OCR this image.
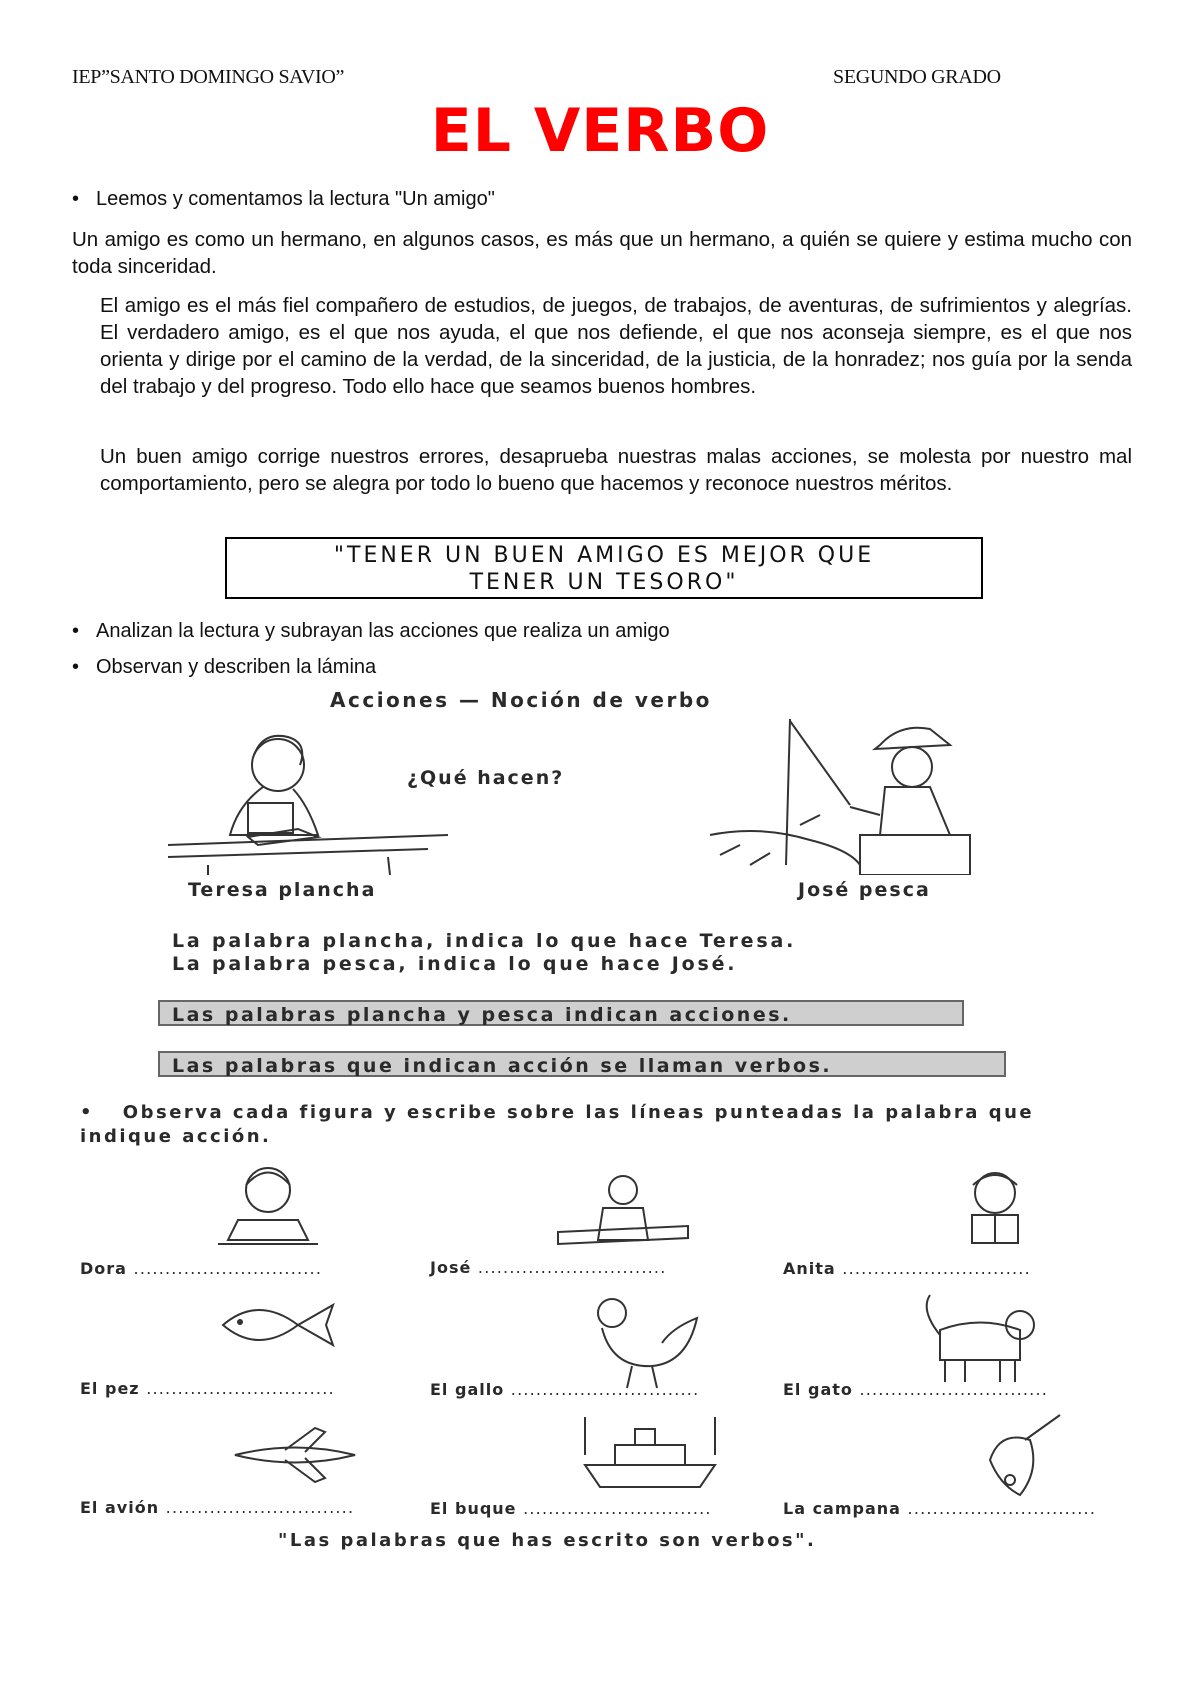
IEP”SANTO DOMINGO SAVIO”	SEGUNDO GRADO
EL VERBO
• Leemos y comentamos la lectura "Un amigo"
Un amigo es como un hermano, en algunos casos, es más que un hermano, a quién se quiere y estima mucho con toda sinceridad.
El amigo es el más fiel compañero de estudios, de juegos, de trabajos, de aventuras, de sufrimientos y alegrías. El verdadero amigo, es el que nos ayuda, el que nos defiende, el que nos aconseja siempre, es el que nos orienta y dirige por el camino de la verdad, de la sinceridad, de la justicia, de la honradez; nos guía por la senda del trabajo y del progreso. Todo ello hace que seamos buenos hombres.
Un buen amigo corrige nuestros errores, desaprueba nuestras malas acciones, se molesta por nuestro mal comportamiento, pero se alegra por todo lo bueno que hacemos y reconoce nuestros méritos.
"TENER UN BUEN AMIGO ES MEJOR QUE
TENER UN TESORO"
• Analizan la lectura y subrayan las acciones que realiza un amigo
• Observan y describen la lámina
Acciones — Noción de verbo
¿Qué hacen?
Teresa plancha	José pesca
La palabra plancha, indica lo que hace Teresa.
La palabra pesca, indica lo que hace José.
Las palabras plancha y pesca indican acciones.
Las palabras que indican acción se llaman verbos.
• Observa cada figura y escribe sobre las líneas punteadas la palabra que indique acción.
Dora ..............................	José ..............................	Anita ..............................
El pez ..............................	El gallo ..............................	El gato ..............................
El avión ..............................	El buque ..............................	La campana ..............................
"Las palabras que has escrito son verbos".
